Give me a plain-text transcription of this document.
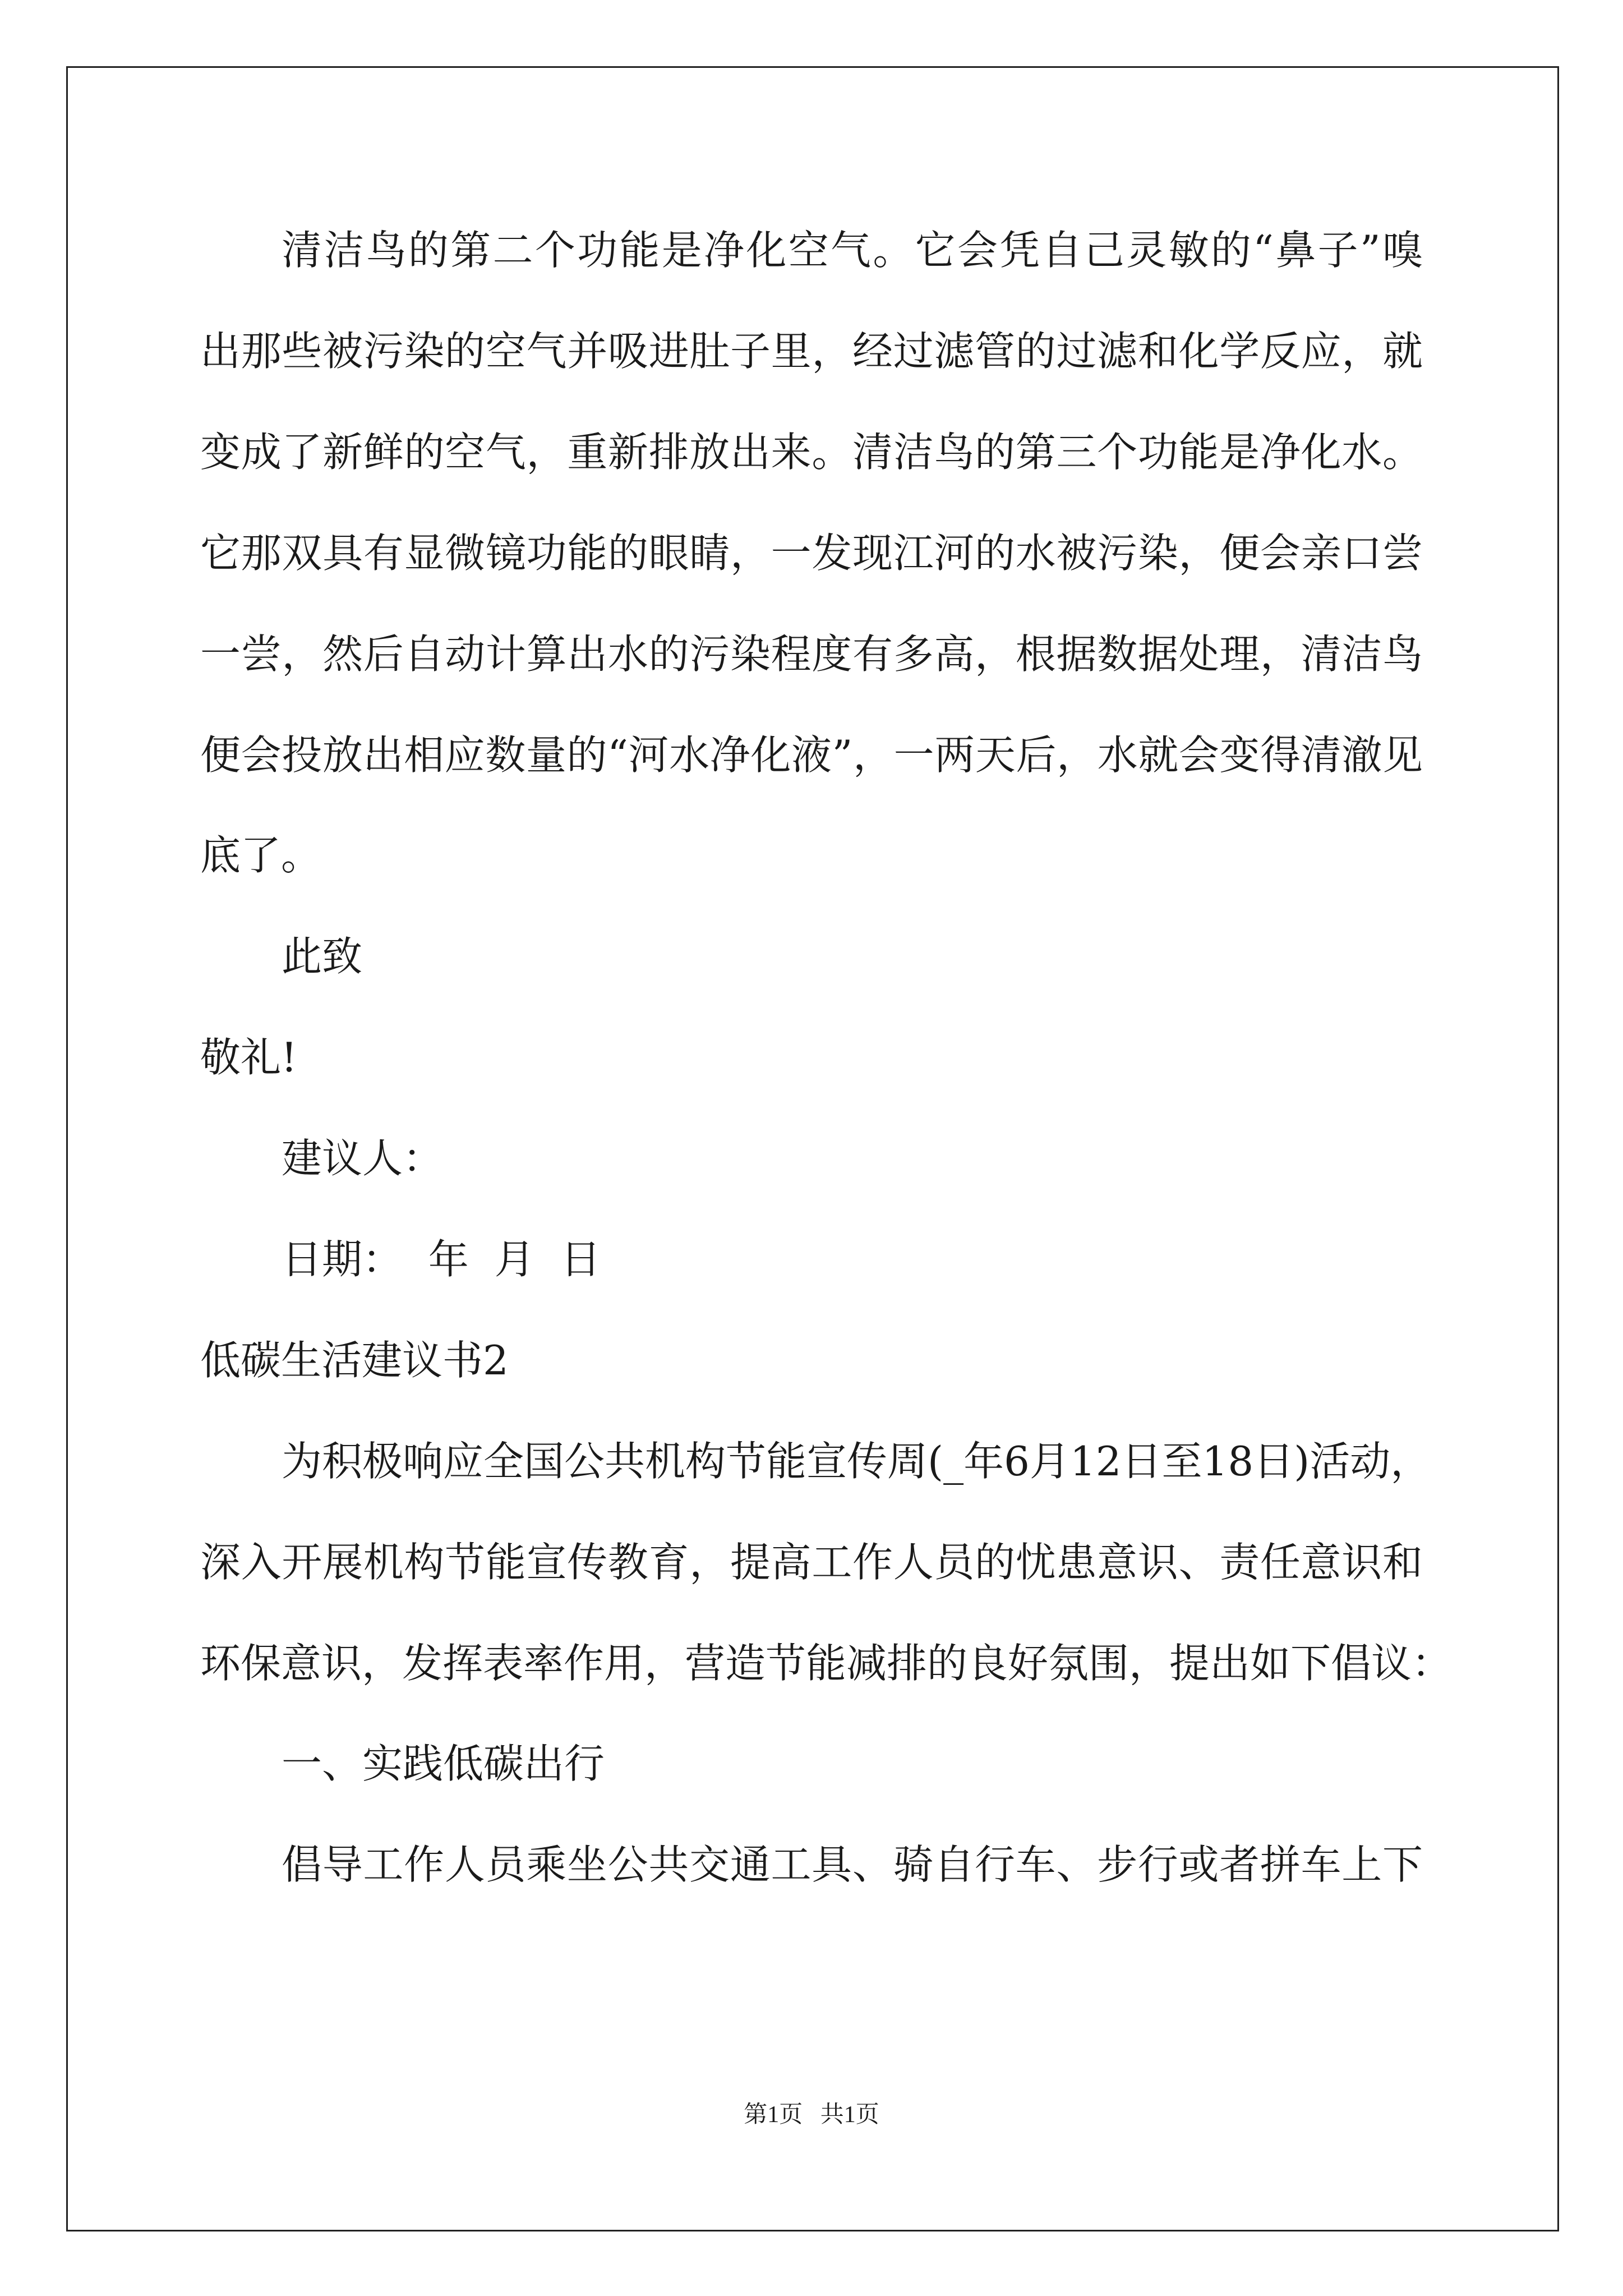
清洁鸟的第二个功能是净化空气。它会凭自己灵敏的“鼻子”嗅
出那些被污染的空气并吸进肚子里，经过滤管的过滤和化学反应，就
变成了新鲜的空气，重新排放出来。清洁鸟的第三个功能是净化水。
它那双具有显微镜功能的眼睛，一发现江河的水被污染，便会亲口尝
一尝，然后自动计算出水的污染程度有多高，根据数据处理，清洁鸟
便会投放出相应数量的“河水净化液”，一两天后，水就会变得清澈见
底了。
此致
敬礼!
建议人：
日期：  年  月  日
低碳生活建议书2
为积极响应全国公共机构节能宣传周(_年6月12日至18日)活动，
深入开展机构节能宣传教育，提高工作人员的忧患意识、责任意识和
环保意识，发挥表率作用，营造节能减排的良好氛围，提出如下倡议：
一、实践低碳出行
倡导工作人员乘坐公共交通工具、骑自行车、步行或者拼车上下
第1页   共1页
